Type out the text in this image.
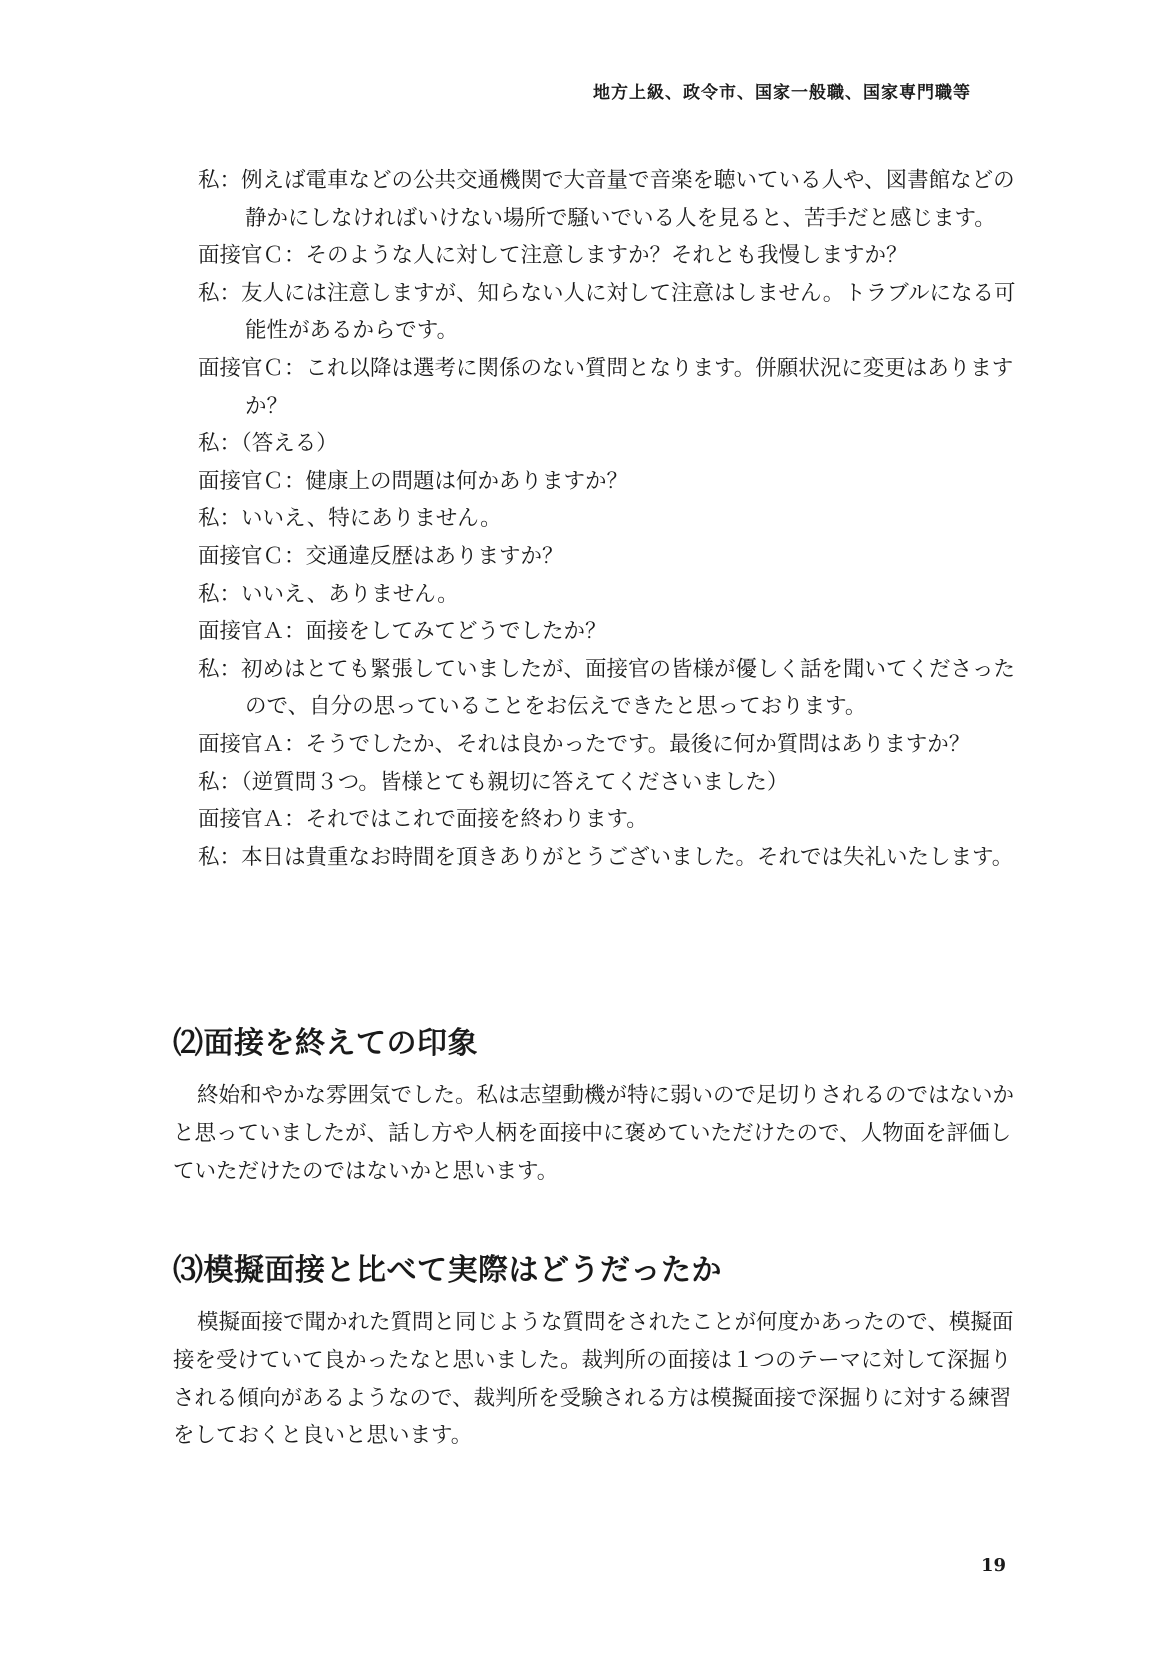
地方上級、政令市、国家一般職、国家専門職等
私：例えば電車などの公共交通機関で大音量で音楽を聴いている人や、図書館などの静かにしなければいけない場所で騒いでいる人を見ると、苦手だと感じます。
面接官Ｃ：そのような人に対して注意しますか？それとも我慢しますか？
私：友人には注意しますが、知らない人に対して注意はしません。トラブルになる可能性があるからです。
面接官Ｃ：これ以降は選考に関係のない質問となります。併願状況に変更はありますか？
私：（答える）
面接官Ｃ：健康上の問題は何かありますか？
私：いいえ、特にありません。
面接官Ｃ：交通違反歴はありますか？
私：いいえ、ありません。
面接官Ａ：面接をしてみてどうでしたか？
私：初めはとても緊張していましたが、面接官の皆様が優しく話を聞いてくださったので、自分の思っていることをお伝えできたと思っております。
面接官Ａ：そうでしたか、それは良かったです。最後に何か質問はありますか？
私：（逆質問３つ。皆様とても親切に答えてくださいました）
面接官Ａ：それではこれで面接を終わります。
私：本日は貴重なお時間を頂きありがとうございました。それでは失礼いたします。
⑵面接を終えての印象
終始和やかな雰囲気でした。私は志望動機が特に弱いので足切りされるのではないかと思っていましたが、話し方や人柄を面接中に褒めていただけたので、人物面を評価していただけたのではないかと思います。
⑶模擬面接と比べて実際はどうだったか
模擬面接で聞かれた質問と同じような質問をされたことが何度かあったので、模擬面接を受けていて良かったなと思いました。裁判所の面接は１つのテーマに対して深掘りされる傾向があるようなので、裁判所を受験される方は模擬面接で深掘りに対する練習をしておくと良いと思います。
19
